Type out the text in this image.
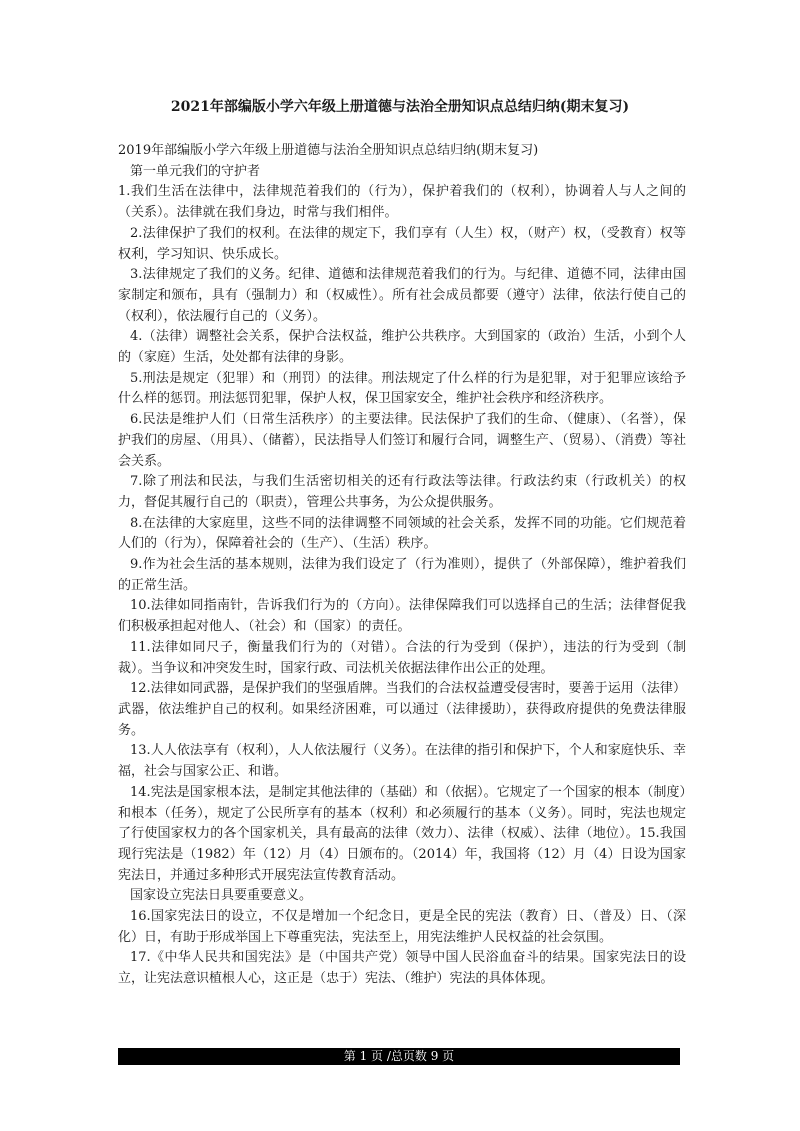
2021年部编版小学六年级上册道德与法治全册知识点总结归纳(期末复习)

2019年部编版小学六年级上册道德与法治全册知识点总结归纳(期末复习)

第一单元我们的守护者

1.我们生活在法律中，法律规范着我们的（行为），保护着我们的（权利），协调着人与人之间的（关系）。法律就在我们身边，时常与我们相伴。

2.法律保护了我们的权利。在法律的规定下，我们享有（人生）权，（财产）权，（受教育）权等权利，学习知识、快乐成长。

3.法律规定了我们的义务。纪律、道德和法律规范着我们的行为。与纪律、道德不同，法律由国家制定和颁布，具有（强制力）和（权威性）。所有社会成员都要（遵守）法律，依法行使自己的（权利），依法履行自己的（义务）。

4.（法律）调整社会关系，保护合法权益，维护公共秩序。大到国家的（政治）生活，小到个人的（家庭）生活，处处都有法律的身影。

5.刑法是规定（犯罪）和（刑罚）的法律。刑法规定了什么样的行为是犯罪，对于犯罪应该给予什么样的惩罚。刑法惩罚犯罪，保护人权，保卫国家安全，维护社会秩序和经济秩序。

6.民法是维护人们（日常生活秩序）的主要法律。民法保护了我们的生命、（健康）、（名誉），保护我们的房屋、（用具）、（储蓄），民法指导人们签订和履行合同，调整生产、（贸易）、（消费）等社会关系。

7.除了刑法和民法，与我们生活密切相关的还有行政法等法律。行政法约束（行政机关）的权力，督促其履行自己的（职责），管理公共事务，为公众提供服务。

8.在法律的大家庭里，这些不同的法律调整不同领域的社会关系，发挥不同的功能。它们规范着人们的（行为），保障着社会的（生产）、（生活）秩序。

9.作为社会生活的基本规则，法律为我们设定了（行为准则），提供了（外部保障），维护着我们的正常生活。

10.法律如同指南针，告诉我们行为的（方向）。法律保障我们可以选择自己的生活；法律督促我们积极承担起对他人、（社会）和（国家）的责任。

11.法律如同尺子，衡量我们行为的（对错）。合法的行为受到（保护），违法的行为受到（制裁）。当争议和冲突发生时，国家行政、司法机关依据法律作出公正的处理。

12.法律如同武器，是保护我们的坚强盾牌。当我们的合法权益遭受侵害时，要善于运用（法律）武器，依法维护自己的权利。如果经济困难，可以通过（法律援助），获得政府提供的免费法律服务。

13.人人依法享有（权利），人人依法履行（义务）。在法律的指引和保护下，个人和家庭快乐、幸福，社会与国家公正、和谐。

14.宪法是国家根本法，是制定其他法律的（基础）和（依据）。它规定了一个国家的根本（制度）和根本（任务），规定了公民所享有的基本（权利）和必须履行的基本（义务）。同时，宪法也规定了行使国家权力的各个国家机关，具有最高的法律（效力）、法律（权威）、法律（地位）。15.我国现行宪法是（1982）年（12）月（4）日颁布的。（2014）年，我国将（12）月（4）日设为国家宪法日，并通过多种形式开展宪法宣传教育活动。

国家设立宪法日具要重要意义。

16.国家宪法日的设立，不仅是增加一个纪念日，更是全民的宪法（教育）日、（普及）日、（深化）日，有助于形成举国上下尊重宪法，宪法至上，用宪法维护人民权益的社会氛围。

17.《中华人民共和国宪法》是（中国共产党）领导中国人民浴血奋斗的结果。国家宪法日的设立，让宪法意识植根人心，这正是（忠于）宪法、（维护）宪法的具体体现。

第 1 页 /总页数 9 页
